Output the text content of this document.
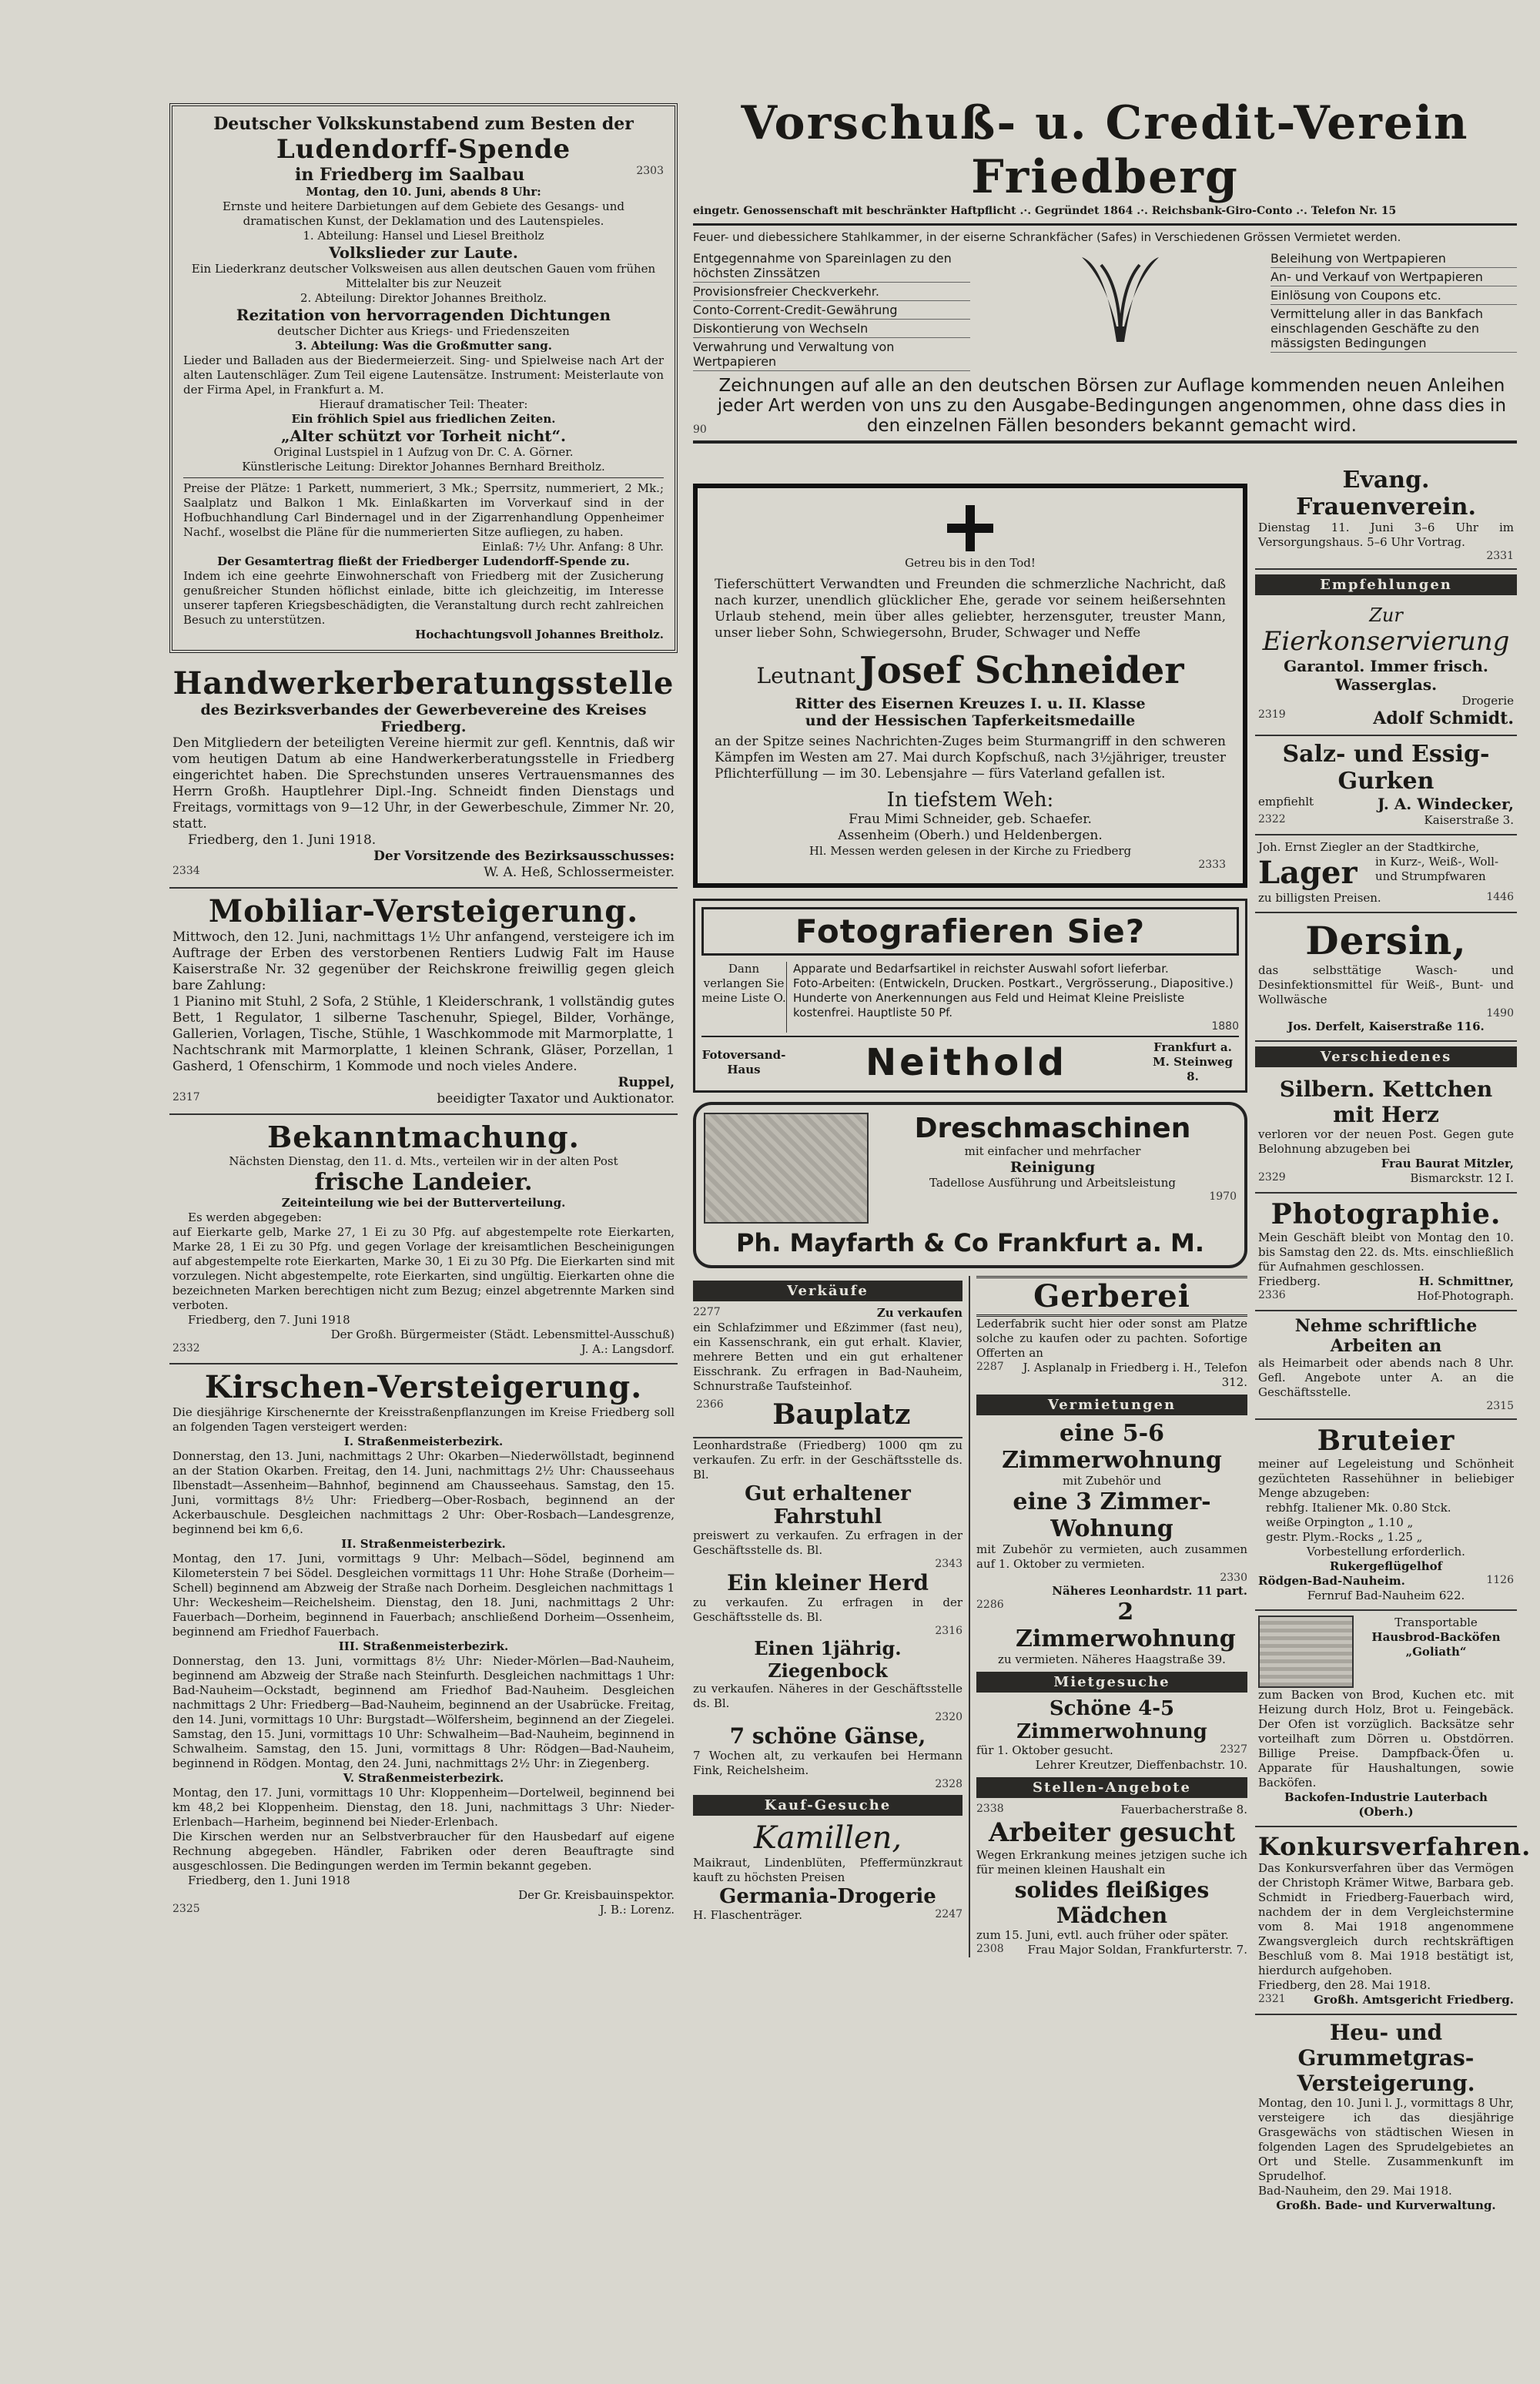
Deutscher Volkskunstabend zum Besten der
Ludendorff-Spende
in Friedberg im Saalbau	2303
Montag, den 10. Juni, abends 8 Uhr:
Ernste und heitere Darbietungen auf dem Gebiete des Gesangs- und dramatischen Kunst, der Deklamation und des Lautenspieles.
1. Abteilung: Hansel und Liesel Breitholz
Volkslieder zur Laute.
Ein Liederkranz deutscher Volksweisen aus allen deutschen Gauen vom frühen Mittelalter bis zur Neuzeit
2. Abteilung: Direktor Johannes Breitholz.
Rezitation von hervorragenden Dichtungen
deutscher Dichter aus Kriegs- und Friedenszeiten
3. Abteilung: Was die Großmutter sang.
Lieder und Balladen aus der Biedermeierzeit. Sing- und Spielweise nach Art der alten Lautenschläger. Zum Teil eigene Lautensätze. Instrument: Meisterlaute von der Firma Apel, in Frankfurt a. M.
Hierauf dramatischer Teil: Theater:
Ein fröhlich Spiel aus friedlichen Zeiten.
„Alter schützt vor Torheit nicht“.
Original Lustspiel in 1 Aufzug von Dr. C. A. Görner.
Künstlerische Leitung: Direktor Johannes Bernhard Breitholz.
Preise der Plätze: 1 Parkett, nummeriert, 3 Mk.; Sperrsitz, nummeriert, 2 Mk.; Saalplatz und Balkon 1 Mk. Einlaßkarten im Vorverkauf sind in der Hofbuchhandlung Carl Bindernagel und in der Zigarrenhandlung Oppenheimer Nachf., woselbst die Pläne für die nummerierten Sitze aufliegen, zu haben.
Einlaß: 7½ Uhr. Anfang: 8 Uhr.
Der Gesamtertrag fließt der Friedberger Ludendorff-Spende zu.
Indem ich eine geehrte Einwohnerschaft von Friedberg mit der Zusicherung genußreicher Stunden höflichst einlade, bitte ich gleichzeitig, im Interesse unserer tapferen Kriegsbeschädigten, die Veranstaltung durch recht zahlreichen Besuch zu unterstützen.
Hochachtungsvoll Johannes Breitholz.
Handwerkerberatungsstelle
des Bezirksverbandes der Gewerbevereine des Kreises Friedberg.
Den Mitgliedern der beteiligten Vereine hiermit zur gefl. Kenntnis, daß wir vom heutigen Datum ab eine Handwerkerberatungsstelle in Friedberg eingerichtet haben. Die Sprechstunden unseres Vertrauensmannes des Herrn Großh. Hauptlehrer Dipl.-Ing. Schneidt finden Dienstags und Freitags, vormittags von 9—12 Uhr, in der Gewerbeschule, Zimmer Nr. 20, statt.
Friedberg, den 1. Juni 1918.
Der Vorsitzende des Bezirksausschusses:
2334	W. A. Heß, Schlossermeister.
Mobiliar-Versteigerung.
Mittwoch, den 12. Juni, nachmittags 1½ Uhr anfangend, versteigere ich im Auftrage der Erben des verstorbenen Rentiers Ludwig Falt im Hause Kaiserstraße Nr. 32 gegenüber der Reichskrone freiwillig gegen gleich bare Zahlung:
1 Pianino mit Stuhl, 2 Sofa, 2 Stühle, 1 Kleiderschrank, 1 vollständig gutes Bett, 1 Regulator, 1 silberne Taschenuhr, Spiegel, Bilder, Vorhänge, Gallerien, Vorlagen, Tische, Stühle, 1 Waschkommode mit Marmorplatte, 1 Nachtschrank mit Marmorplatte, 1 kleinen Schrank, Gläser, Porzellan, 1 Gasherd, 1 Ofenschirm, 1 Kommode und noch vieles Andere.
Ruppel,
2317	beeidigter Taxator und Auktionator.
Bekanntmachung.
Nächsten Dienstag, den 11. d. Mts., verteilen wir in der alten Post
frische Landeier.
Zeiteinteilung wie bei der Butterverteilung.
Es werden abgegeben:
auf Eierkarte gelb, Marke 27, 1 Ei zu 30 Pfg. auf abgestempelte rote Eierkarten, Marke 28, 1 Ei zu 30 Pfg. und gegen Vorlage der kreisamtlichen Bescheinigungen auf abgestempelte rote Eierkarten, Marke 30, 1 Ei zu 30 Pfg. Die Eierkarten sind mit vorzulegen. Nicht abgestempelte, rote Eierkarten, sind ungültig. Eierkarten ohne die bezeichneten Marken berechtigen nicht zum Bezug; einzel abgetrennte Marken sind verboten.
Friedberg, den 7. Juni 1918
Der Großh. Bürgermeister (Städt. Lebensmittel-Ausschuß)
2332	J. A.: Langsdorf.
Kirschen-Versteigerung.
Die diesjährige Kirschenernte der Kreisstraßenpflanzungen im Kreise Friedberg soll an folgenden Tagen versteigert werden:
I. Straßenmeisterbezirk.
Donnerstag, den 13. Juni, nachmittags 2 Uhr: Okarben—Niederwöllstadt, beginnend an der Station Okarben. Freitag, den 14. Juni, nachmittags 2½ Uhr: Chausseehaus Ilbenstadt—Assenheim—Bahnhof, beginnend am Chausseehaus. Samstag, den 15. Juni, vormittags 8½ Uhr: Friedberg—Ober-Rosbach, beginnend an der Ackerbauschule. Desgleichen nachmittags 2 Uhr: Ober-Rosbach—Landesgrenze, beginnend bei km 6,6.
II. Straßenmeisterbezirk.
Montag, den 17. Juni, vormittags 9 Uhr: Melbach—Södel, beginnend am Kilometerstein 7 bei Södel. Desgleichen vormittags 11 Uhr: Hohe Straße (Dorheim—Schell) beginnend am Abzweig der Straße nach Dorheim. Desgleichen nachmittags 1 Uhr: Weckesheim—Reichelsheim. Dienstag, den 18. Juni, nachmittags 2 Uhr: Fauerbach—Dorheim, beginnend in Fauerbach; anschließend Dorheim—Ossenheim, beginnend am Friedhof Fauerbach.
III. Straßenmeisterbezirk.
Donnerstag, den 13. Juni, vormittags 8½ Uhr: Nieder-Mörlen—Bad-Nauheim, beginnend am Abzweig der Straße nach Steinfurth. Desgleichen nachmittags 1 Uhr: Bad-Nauheim—Ockstadt, beginnend am Friedhof Bad-Nauheim. Desgleichen nachmittags 2 Uhr: Friedberg—Bad-Nauheim, beginnend an der Usabrücke. Freitag, den 14. Juni, vormittags 10 Uhr: Burgstadt—Wölfersheim, beginnend an der Ziegelei. Samstag, den 15. Juni, vormittags 10 Uhr: Schwalheim—Bad-Nauheim, beginnend in Schwalheim. Samstag, den 15. Juni, vormittags 8 Uhr: Rödgen—Bad-Nauheim, beginnend in Rödgen. Montag, den 24. Juni, nachmittags 2½ Uhr: in Ziegenberg.
V. Straßenmeisterbezirk.
Montag, den 17. Juni, vormittags 10 Uhr: Kloppenheim—Dortelweil, beginnend bei km 48,2 bei Kloppenheim. Dienstag, den 18. Juni, nachmittags 3 Uhr: Nieder-Erlenbach—Harheim, beginnend bei Nieder-Erlenbach.
Die Kirschen werden nur an Selbstverbraucher für den Hausbedarf auf eigene Rechnung abgegeben. Händler, Fabriken oder deren Beauftragte sind ausgeschlossen. Die Bedingungen werden im Termin bekannt gegeben.
Friedberg, den 1. Juni 1918
Der Gr. Kreisbauinspektor.
2325	J. B.: Lorenz.
Vorschuß- u. Credit-Verein Friedberg
eingetr. Genossenschaft mit beschränkter Haftpflicht .·. Gegründet 1864 .·. Reichsbank-Giro-Conto .·. Telefon Nr. 15
Feuer- und diebessichere Stahlkammer, in der eiserne Schrankfächer (Safes) in Verschiedenen Grössen Vermietet werden.
Entgegennahme von Spareinlagen zu den höchsten Zinssätzen
Provisionsfreier Checkverkehr.
Conto-Corrent-Credit-Gewährung
Diskontierung von Wechseln
Verwahrung und Verwaltung von Wertpapieren
Beleihung von Wertpapieren
An- und Verkauf von Wertpapieren
Einlösung von Coupons etc.
Vermittelung aller in das Bankfach einschlagenden Geschäfte zu den mässigsten Bedingungen
90
Zeichnungen auf alle an den deutschen Börsen zur Auflage kommenden neuen Anleihen jeder Art werden von uns zu den Ausgabe-Bedingungen angenommen, ohne dass dies in den einzelnen Fällen besonders bekannt gemacht wird.
Getreu bis in den Tod!
Tieferschüttert Verwandten und Freunden die schmerzliche Nachricht, daß nach kurzer, unendlich glücklicher Ehe, gerade vor seinem heißersehnten Urlaub stehend, mein über alles geliebter, herzensguter, treuster Mann, unser lieber Sohn, Schwiegersohn, Bruder, Schwager und Neffe
Leutnant Josef Schneider
Ritter des Eisernen Kreuzes I. u. II. Klasse
und der Hessischen Tapferkeitsmedaille
an der Spitze seines Nachrichten-Zuges beim Sturmangriff in den schweren Kämpfen im Westen am 27. Mai durch Kopfschuß, nach 3½jähriger, treuster Pflichterfüllung — im 30. Lebensjahre — fürs Vaterland gefallen ist.
In tiefstem Weh:
Frau Mimi Schneider, geb. Schaefer.
Assenheim (Oberh.) und Heldenbergen.
Hl. Messen werden gelesen in der Kirche zu Friedberg
2333
Fotografieren Sie?
Dann verlangen Sie meine Liste O.
Apparate und Bedarfsartikel in reichster Auswahl sofort lieferbar.
Foto-Arbeiten: (Entwickeln, Drucken. Postkart., Vergrösserung., Diapositive.)
Hunderte von Anerkennungen aus Feld und Heimat Kleine Preisliste kostenfrei. Hauptliste 50 Pf.
1880
Fotoversand-Haus	Neithold	Frankfurt a. M. Steinweg 8.
Dreschmaschinen
mit einfacher und mehrfacher
Reinigung
Tadellose Ausführung und Arbeitsleistung
1970
Ph. Mayfarth & Co Frankfurt a. M.
Verkäufe
2277	Zu verkaufen
ein Schlafzimmer und Eßzimmer (fast neu), ein Kassenschrank, ein gut erhalt. Klavier, mehrere Betten und ein gut erhaltener Eisschrank. Zu erfragen in Bad-Nauheim, Schnurstraße Taufsteinhof.
2366	Bauplatz
Leonhardstraße (Friedberg) 1000 qm zu verkaufen. Zu erfr. in der Geschäftsstelle ds. Bl.
Gut erhaltener Fahrstuhl
preiswert zu verkaufen. Zu erfragen in der Geschäftsstelle ds. Bl.
2343
Ein kleiner Herd
zu verkaufen. Zu erfragen in der Geschäftsstelle ds. Bl.
2316
Einen 1jährig. Ziegenbock
zu verkaufen. Näheres in der Geschäftsstelle ds. Bl.
2320
7 schöne Gänse,
7 Wochen alt, zu verkaufen bei Hermann Fink, Reichelsheim.
2328
Kauf-Gesuche
Kamillen,
Maikraut, Lindenblüten, Pfeffermünzkraut kauft zu höchsten Preisen
Germania-Drogerie
H. Flaschenträger.	2247
Gerberei
Lederfabrik sucht hier oder sonst am Platze solche zu kaufen oder zu pachten. Sofortige Offerten an
2287	J. Asplanalp in Friedberg i. H., Telefon 312.
Vermietungen
eine 5-6 Zimmerwohnung
mit Zubehör und
eine 3 Zimmer-Wohnung
mit Zubehör zu vermieten, auch zusammen auf 1. Oktober zu vermieten.
2330
Näheres Leonhardstr. 11 part.
2286	2 Zimmerwohnung
zu vermieten. Näheres Haagstraße 39.
Mietgesuche
Schöne 4-5 Zimmerwohnung
für 1. Oktober gesucht.	2327
Lehrer Kreutzer, Dieffenbachstr. 10.
Stellen-Angebote
2338	Fauerbacherstraße 8.
Arbeiter gesucht
Wegen Erkrankung meines jetzigen suche ich für meinen kleinen Haushalt ein
solides fleißiges Mädchen
zum 15. Juni, evtl. auch früher oder später.
2308 Frau Major Soldan, Frankfurterstr. 7.
Evang. Frauenverein.
Dienstag 11. Juni 3–6 Uhr im Versorgungshaus. 5–6 Uhr Vortrag.
2331
Empfehlungen
Zur
Eierkonservierung
Garantol. Immer frisch.
Wasserglas.
Drogerie
2319	Adolf Schmidt.
Salz- und Essig-Gurken
empfiehlt	J. A. Windecker,
2322	Kaiserstraße 3.
Joh. Ernst Ziegler an der Stadtkirche,
Lager in Kurz-, Weiß-, Woll- und Strumpfwaren
zu billigsten Preisen.	1446
Dersin,
das selbsttätige Wasch- und Desinfektionsmittel für Weiß-, Bunt- und Wollwäsche
1490
Jos. Derfelt, Kaiserstraße 116.
Verschiedenes
Silbern. Kettchen mit Herz
verloren vor der neuen Post. Gegen gute Belohnung abzugeben bei
Frau Baurat Mitzler,
2329	Bismarckstr. 12 I.
Photographie.
Mein Geschäft bleibt von Montag den 10. bis Samstag den 22. ds. Mts. einschließlich für Aufnahmen geschlossen.
Friedberg.	H. Schmittner,
2336	Hof-Photograph.
Nehme schriftliche Arbeiten an
als Heimarbeit oder abends nach 8 Uhr. Gefl. Angebote unter A. an die Geschäftsstelle.
2315
Bruteier
meiner auf Legeleistung und Schönheit gezüchteten Rassehühner in beliebiger Menge abzugeben:
rebhfg. Italiener Mk. 0.80 Stck.
weiße Orpington „ 1.10 „
gestr. Plym.-Rocks „ 1.25 „
Vorbestellung erforderlich.
Rukergeflügelhof
Rödgen-Bad-Nauheim.	1126
Fernruf Bad-Nauheim 622.
Transportable
Hausbrod-Backöfen
„Goliath“
zum Backen von Brod, Kuchen etc. mit Heizung durch Holz, Brot u. Feingebäck. Der Ofen ist vorzüglich. Backsätze sehr vorteilhaft zum Dörren u. Obstdörren. Billige Preise. Dampfback-Öfen u. Apparate für Haushaltungen, sowie Backöfen.
Backofen-Industrie Lauterbach (Oberh.)
Konkursverfahren.
Das Konkursverfahren über das Vermögen der Christoph Krämer Witwe, Barbara geb. Schmidt in Friedberg-Fauerbach wird, nachdem der in dem Vergleichstermine vom 8. Mai 1918 angenommene Zwangsvergleich durch rechtskräftigen Beschluß vom 8. Mai 1918 bestätigt ist, hierdurch aufgehoben.
Friedberg, den 28. Mai 1918.
2321 Großh. Amtsgericht Friedberg.
Heu- und Grummetgras-Versteigerung.
Montag, den 10. Juni l. J., vormittags 8 Uhr, versteigere ich das diesjährige Grasgewächs von städtischen Wiesen in folgenden Lagen des Sprudelgebietes an Ort und Stelle. Zusammenkunft im Sprudelhof.
Bad-Nauheim, den 29. Mai 1918.
Großh. Bade- und Kurverwaltung.
